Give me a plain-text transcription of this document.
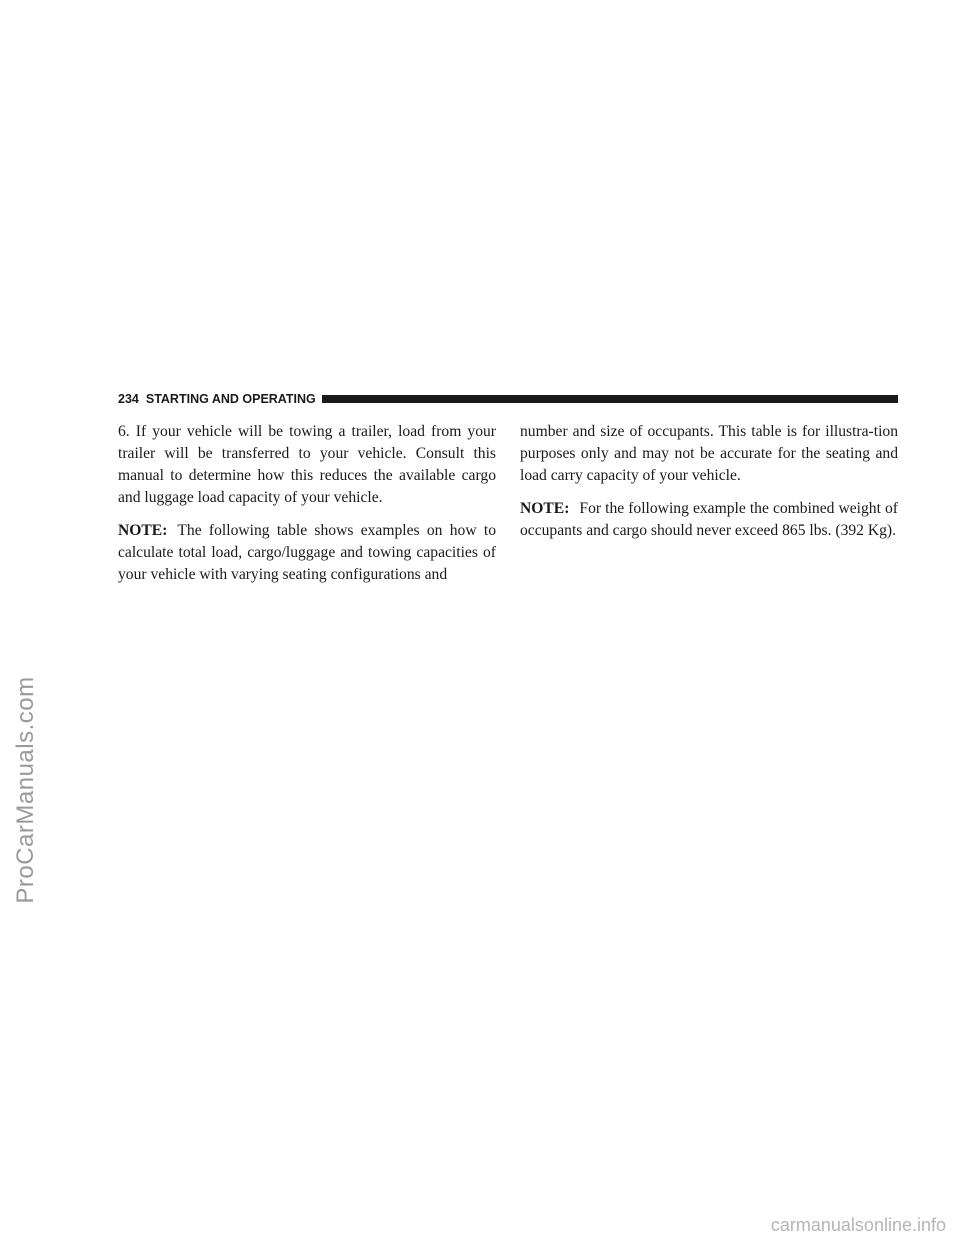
234 STARTING AND OPERATING

6. If your vehicle will be towing a trailer, load from your trailer will be transferred to your vehicle. Consult this manual to determine how this reduces the available cargo and luggage load capacity of your vehicle.

NOTE: The following table shows examples on how to calculate total load, cargo/luggage and towing capacities of your vehicle with varying seating configurations and

number and size of occupants. This table is for illustra-tion purposes only and may not be accurate for the seating and load carry capacity of your vehicle.

NOTE: For the following example the combined weight of occupants and cargo should never exceed 865 lbs. (392 Kg).

ProCarManuals.com
carmanualsonline.info
